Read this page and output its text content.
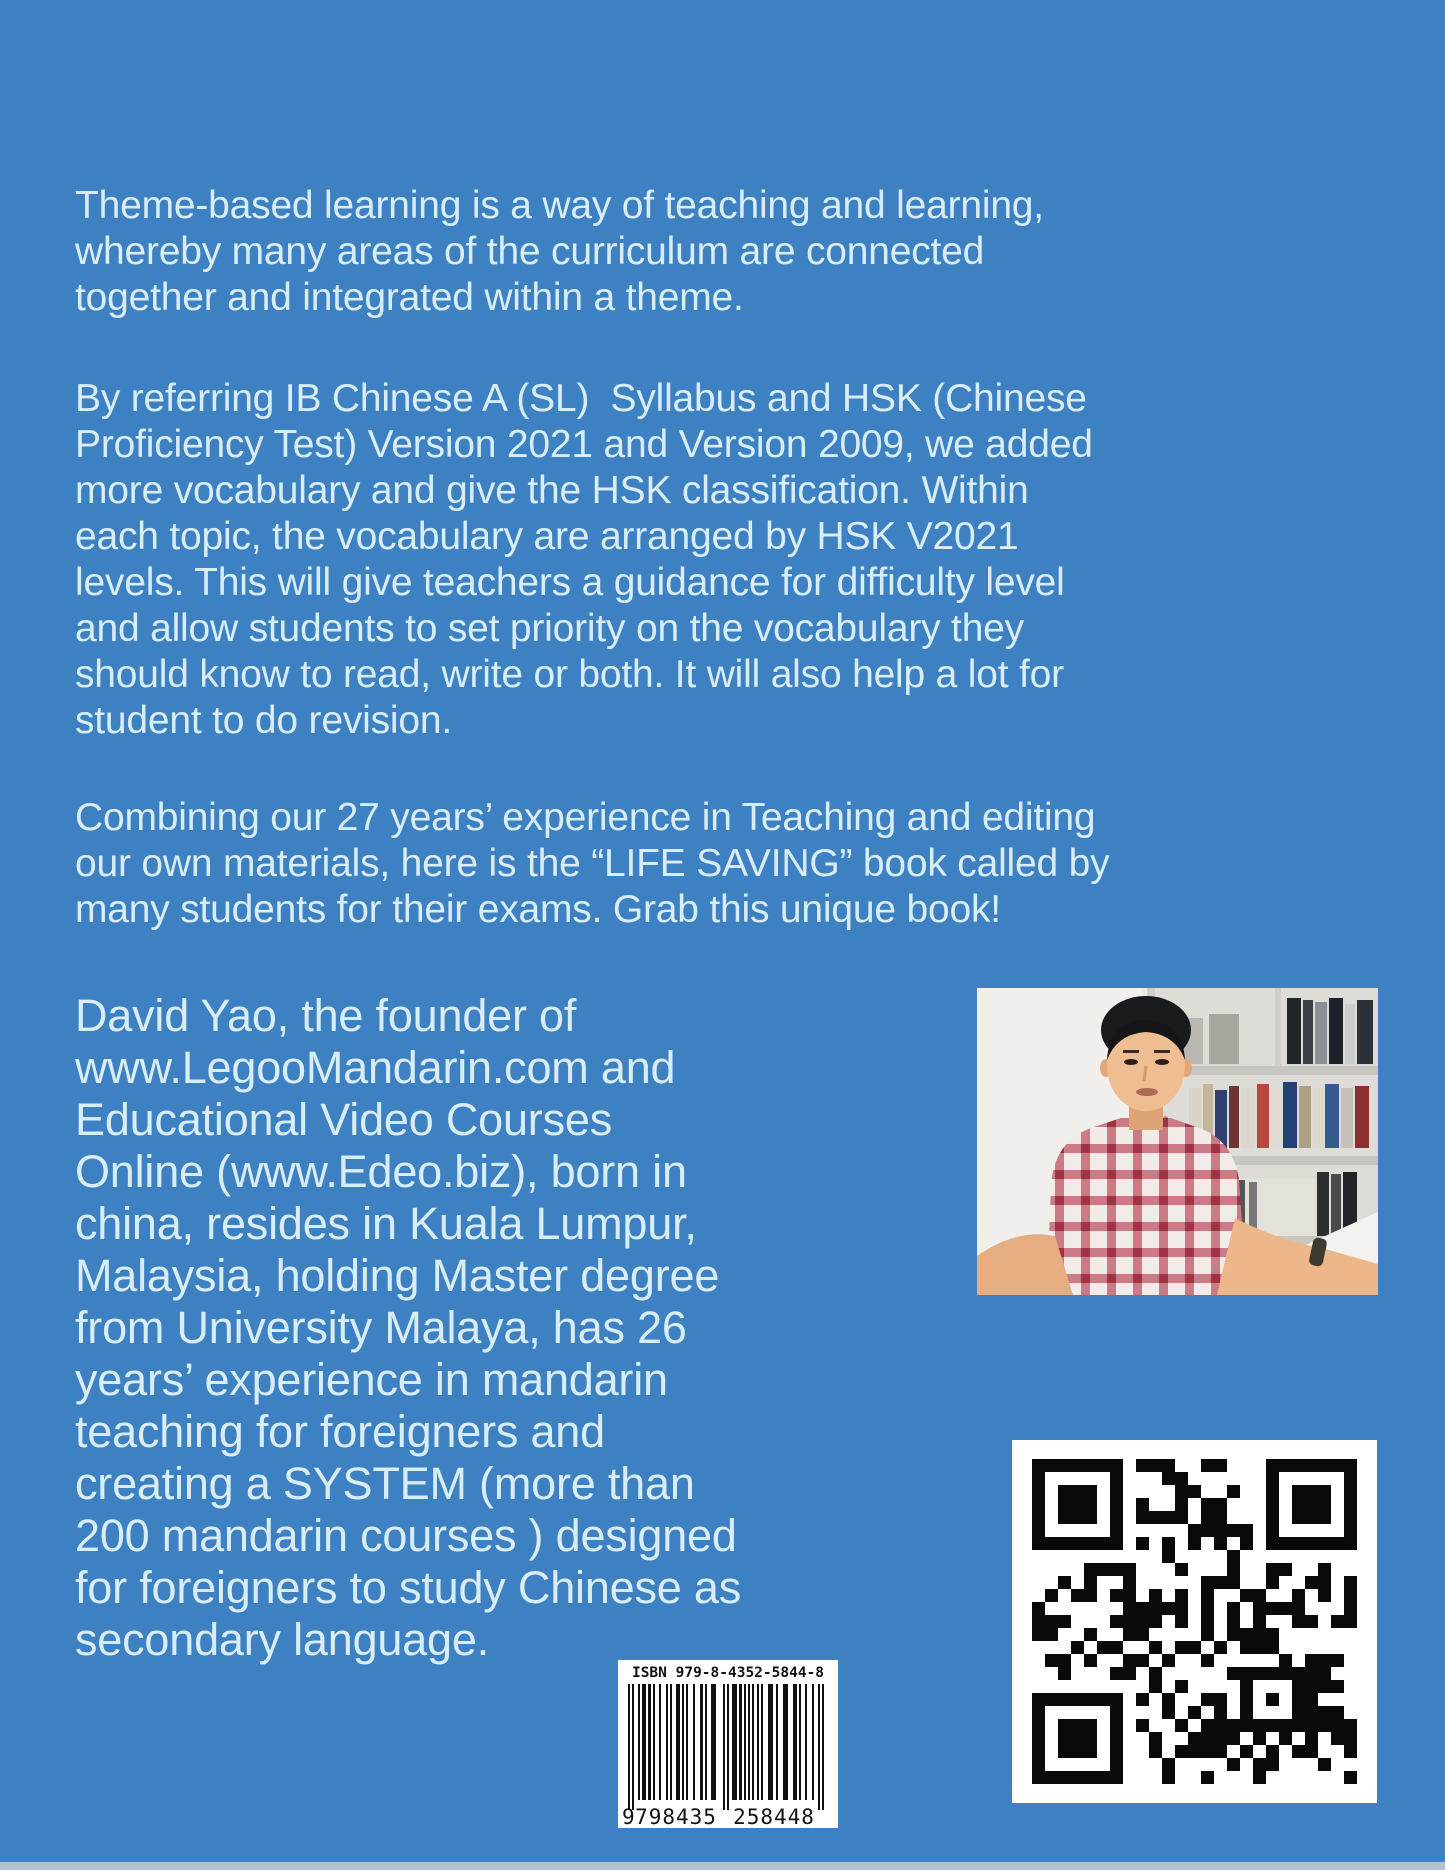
Theme-based learning is a way of teaching and learning,
whereby many areas of the curriculum are connected
together and integrated within a theme.
By referring IB Chinese A (SL)  Syllabus and HSK (Chinese
Proficiency Test) Version 2021 and Version 2009, we added
more vocabulary and give the HSK classification. Within
each topic, the vocabulary are arranged by HSK V2021
levels. This will give teachers a guidance for difficulty level
and allow students to set priority on the vocabulary they
should know to read, write or both. It will also help a lot for
student to do revision.
Combining our 27 years’ experience in Teaching and editing
our own materials, here is the “LIFE SAVING” book called by
many students for their exams. Grab this unique book!
David Yao, the founder of
www.LegooMandarin.com and
Educational Video Courses
Online (www.Edeo.biz), born in
china, resides in Kuala Lumpur,
Malaysia, holding Master degree
from University Malaya, has 26
years’ experience in mandarin
teaching for foreigners and
creating a SYSTEM (more than
200 mandarin courses ) designed
for foreigners to study Chinese as
secondary language.
ISBN 979-8-4352-5844-8
9 798435 258448
